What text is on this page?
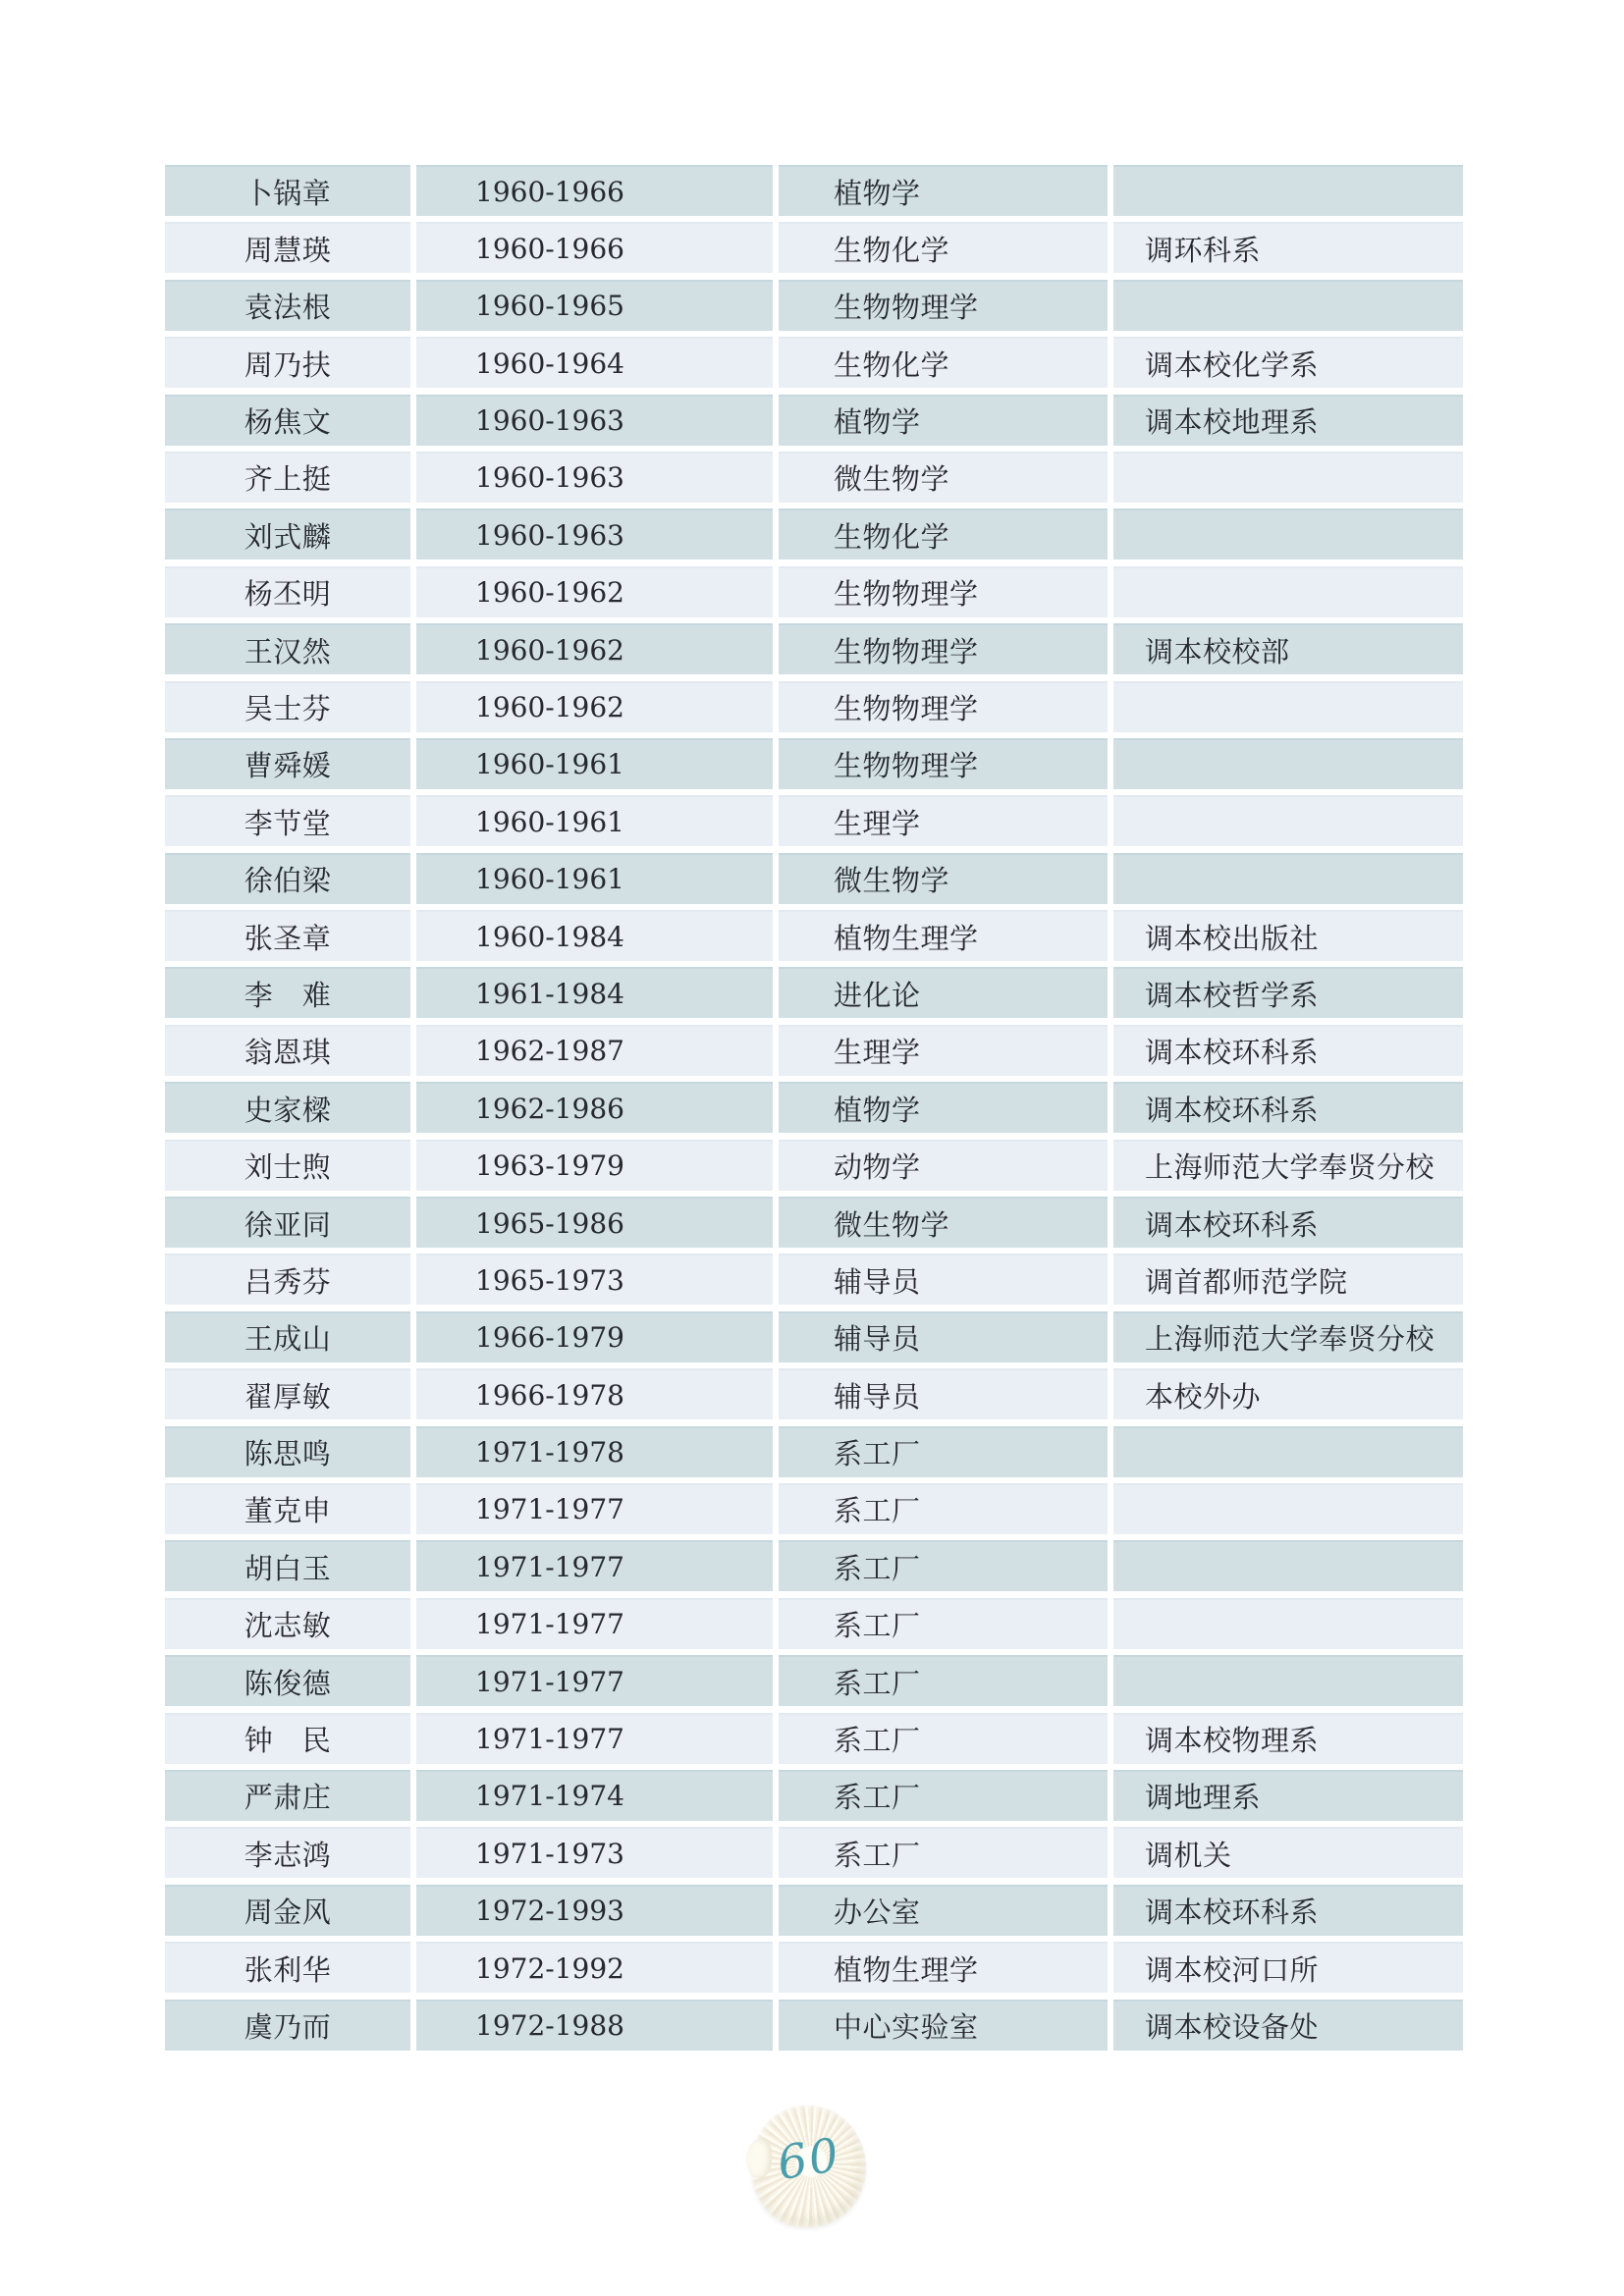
卜锅章	1960-1966	植物学
周慧瑛	1960-1966	生物化学	调环科系
袁法根	1960-1965	生物物理学
周乃扶	1960-1964	生物化学	调本校化学系
杨焦文	1960-1963	植物学	调本校地理系
齐上挺	1960-1963	微生物学
刘式麟	1960-1963	生物化学
杨丕明	1960-1962	生物物理学
王汉然	1960-1962	生物物理学	调本校校部
吴士芬	1960-1962	生物物理学
曹舜媛	1960-1961	生物物理学
李节堂	1960-1961	生理学
徐伯梁	1960-1961	微生物学
张圣章	1960-1984	植物生理学	调本校出版社
李　难	1961-1984	进化论	调本校哲学系
翁恩琪	1962-1987	生理学	调本校环科系
史家樑	1962-1986	植物学	调本校环科系
刘士煦	1963-1979	动物学	上海师范大学奉贤分校
徐亚同	1965-1986	微生物学	调本校环科系
吕秀芬	1965-1973	辅导员	调首都师范学院
王成山	1966-1979	辅导员	上海师范大学奉贤分校
翟厚敏	1966-1978	辅导员	本校外办
陈思鸣	1971-1978	系工厂
董克申	1971-1977	系工厂
胡白玉	1971-1977	系工厂
沈志敏	1971-1977	系工厂
陈俊德	1971-1977	系工厂
钟　民	1971-1977	系工厂	调本校物理系
严肃庄	1971-1974	系工厂	调地理系
李志鸿	1971-1973	系工厂	调机关
周金风	1972-1993	办公室	调本校环科系
张利华	1972-1992	植物生理学	调本校河口所
虞乃而	1972-1988	中心实验室	调本校设备处
60
